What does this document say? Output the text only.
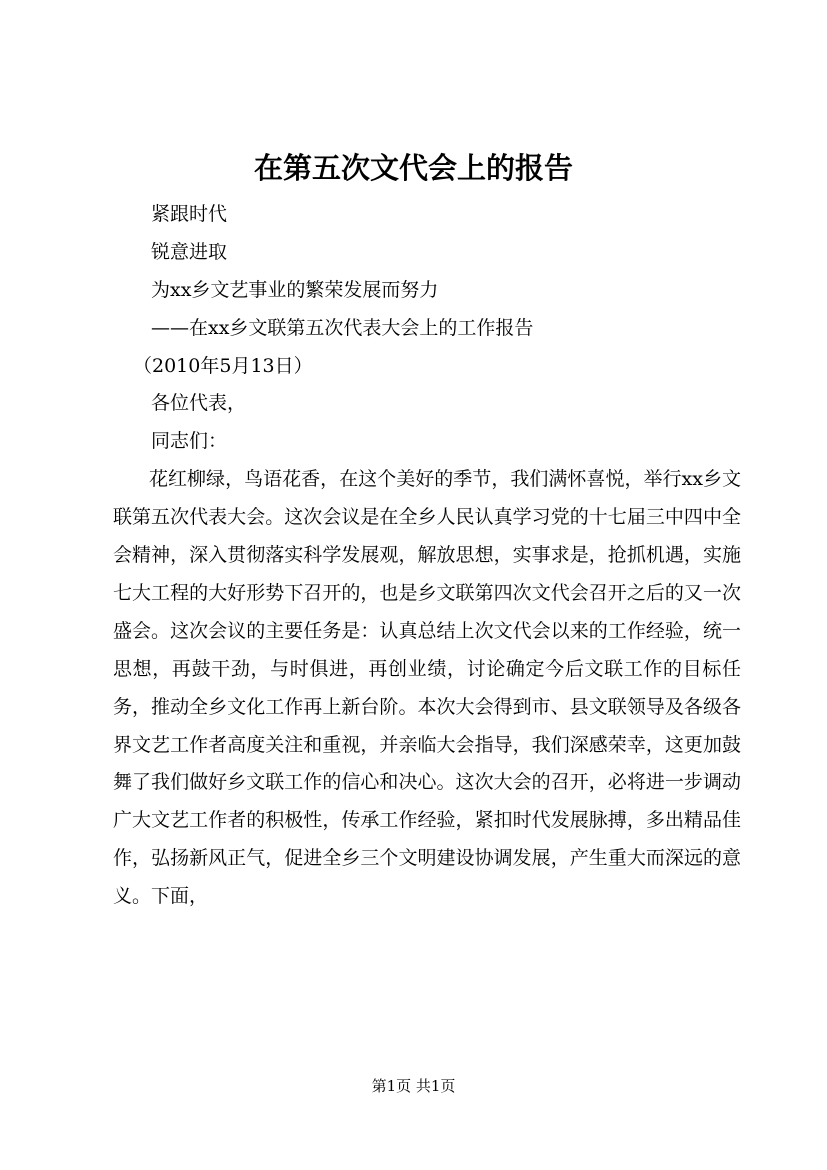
在第五次文代会上的报告
紧跟时代
锐意进取
为xx乡文艺事业的繁荣发展而努力
——在xx乡文联第五次代表大会上的工作报告
（2010年5月13日）
各位代表，
同志们：

花红柳绿，鸟语花香，在这个美好的季节，我们满怀喜悦，举行xx乡文联第五次代表大会。这次会议是在全乡人民认真学习党的十七届三中四中全会精神，深入贯彻落实科学发展观，解放思想，实事求是，抢抓机遇，实施七大工程的大好形势下召开的，也是乡文联第四次文代会召开之后的又一次盛会。这次会议的主要任务是：认真总结上次文代会以来的工作经验，统一思想，再鼓干劲，与时俱进，再创业绩，讨论确定今后文联工作的目标任务，推动全乡文化工作再上新台阶。本次大会得到市、县文联领导及各级各界文艺工作者高度关注和重视，并亲临大会指导，我们深感荣幸，这更加鼓舞了我们做好乡文联工作的信心和决心。这次大会的召开，必将进一步调动广大文艺工作者的积极性，传承工作经验，紧扣时代发展脉搏，多出精品佳作，弘扬新风正气，促进全乡三个文明建设协调发展，产生重大而深远的意义。下面，

第1页 共1页
